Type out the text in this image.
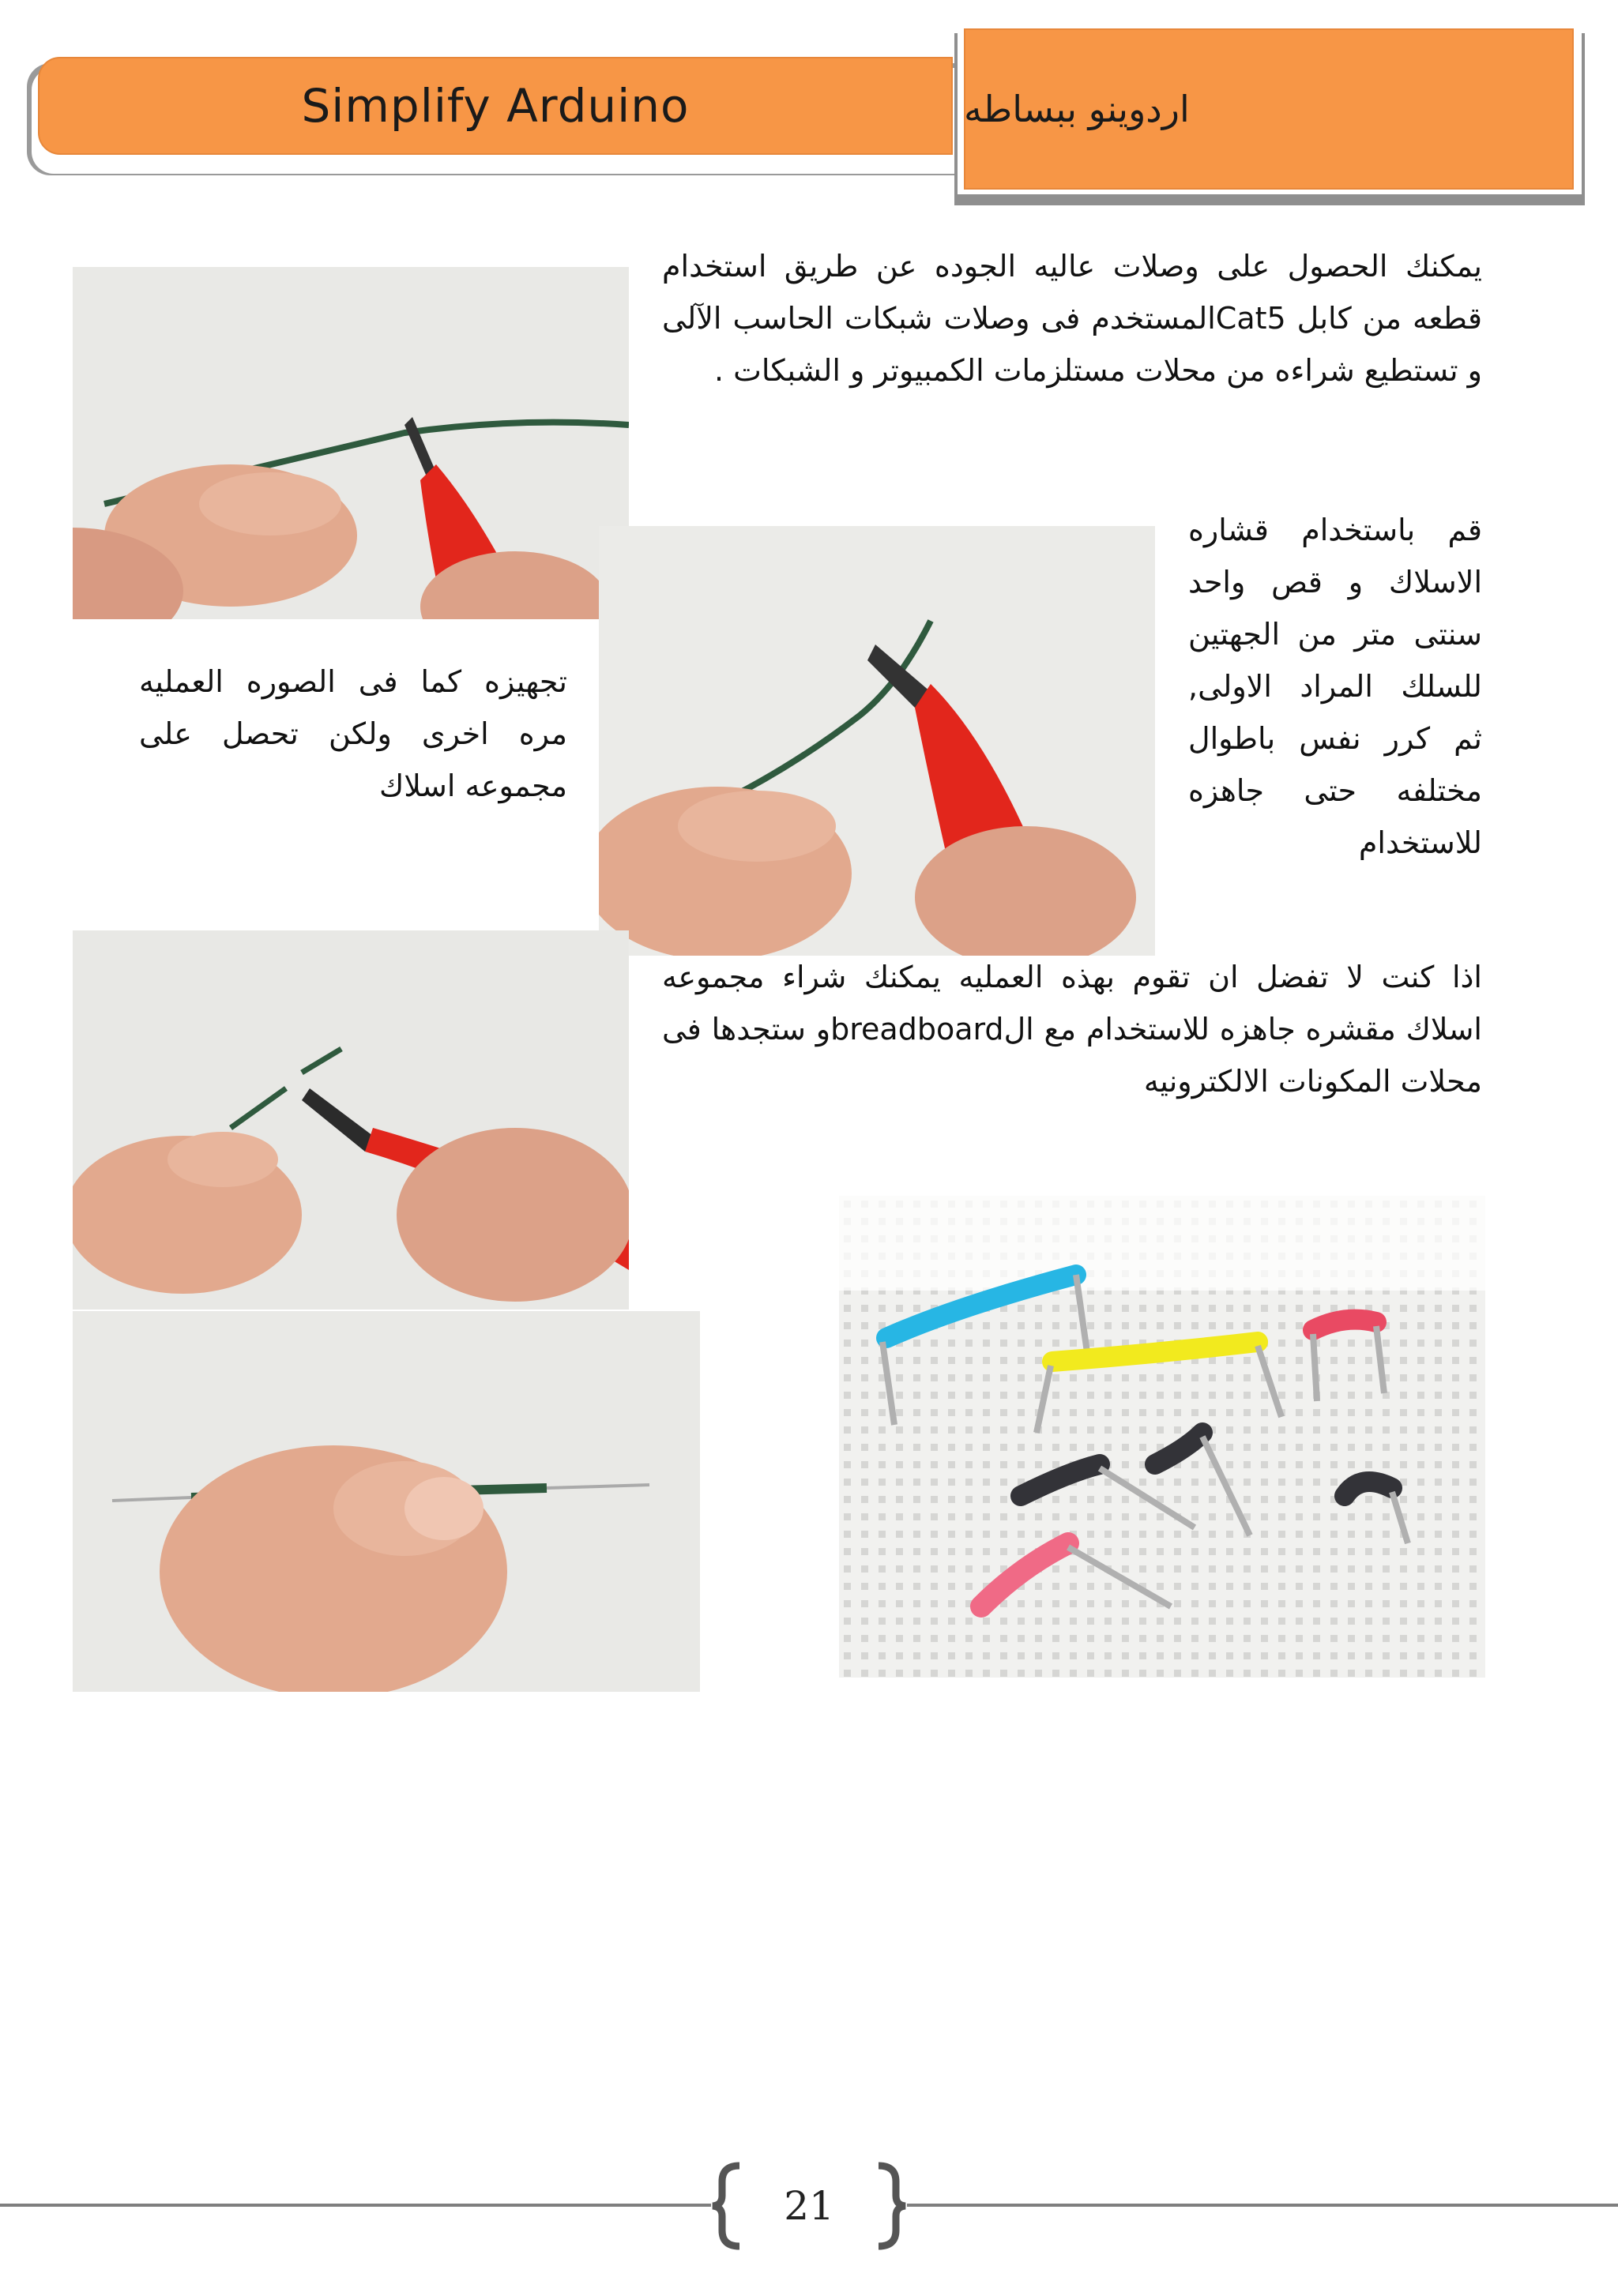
Simplify Arduino	اردوينو ببساطه
يمكنك الحصول على وصلات عاليه الجوده عن طريق استخدام قطعه من كابل Cat5المستخدم فى وصلات شبكات الحاسب الآلى و تستطيع شراءه من محلات مستلزمات الكمبيوتر و الشبكات .
قم باستخدام قشاره الاسلاك و قص واحد سنتى متر من الجهتين للسلك المراد الاولى, ثم كرر نفس باطوال مختلفه حتى جاهزه للاستخدام
تجهيزه كما فى الصوره العمليه مره اخرى ولكن تحصل على مجموعه اسلاك
اذا كنت لا تفضل ان تقوم بهذه العمليه يمكنك شراء مجموعه اسلاك مقشره جاهزه للاستخدام مع الbreadboardو ستجدها فى محلات المكونات الالكترونيه
21
